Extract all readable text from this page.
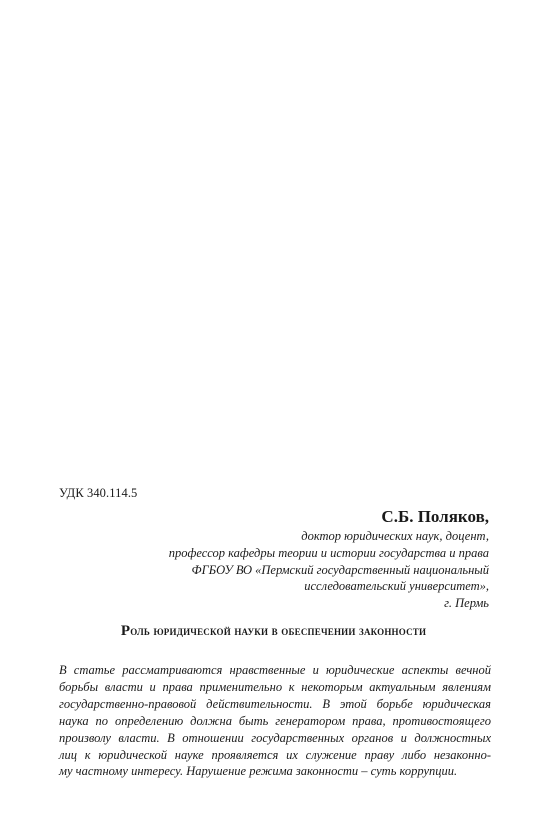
УДК 340.114.5
С.Б. Поляков,
доктор юридических наук, доцент,
профессор кафедры теории и истории государства и права
ФГБОУ ВО «Пермский государственный национальный
исследовательский университет»,
г. Пермь
Роль юридической науки в обеспечении законности
В статье рассматриваются нравственные и юридические аспекты вечной
борьбы власти и права применительно к некоторым актуальным явлениям
государственно-правовой действительности. В этой борьбе юридическая
наука по определению должна быть генератором права, противостоящего
произволу власти. В отношении государственных органов и должностных
лиц к юридической науке проявляется их служение праву либо незаконно-
му частному интересу. Нарушение режима законности – суть коррупции.
